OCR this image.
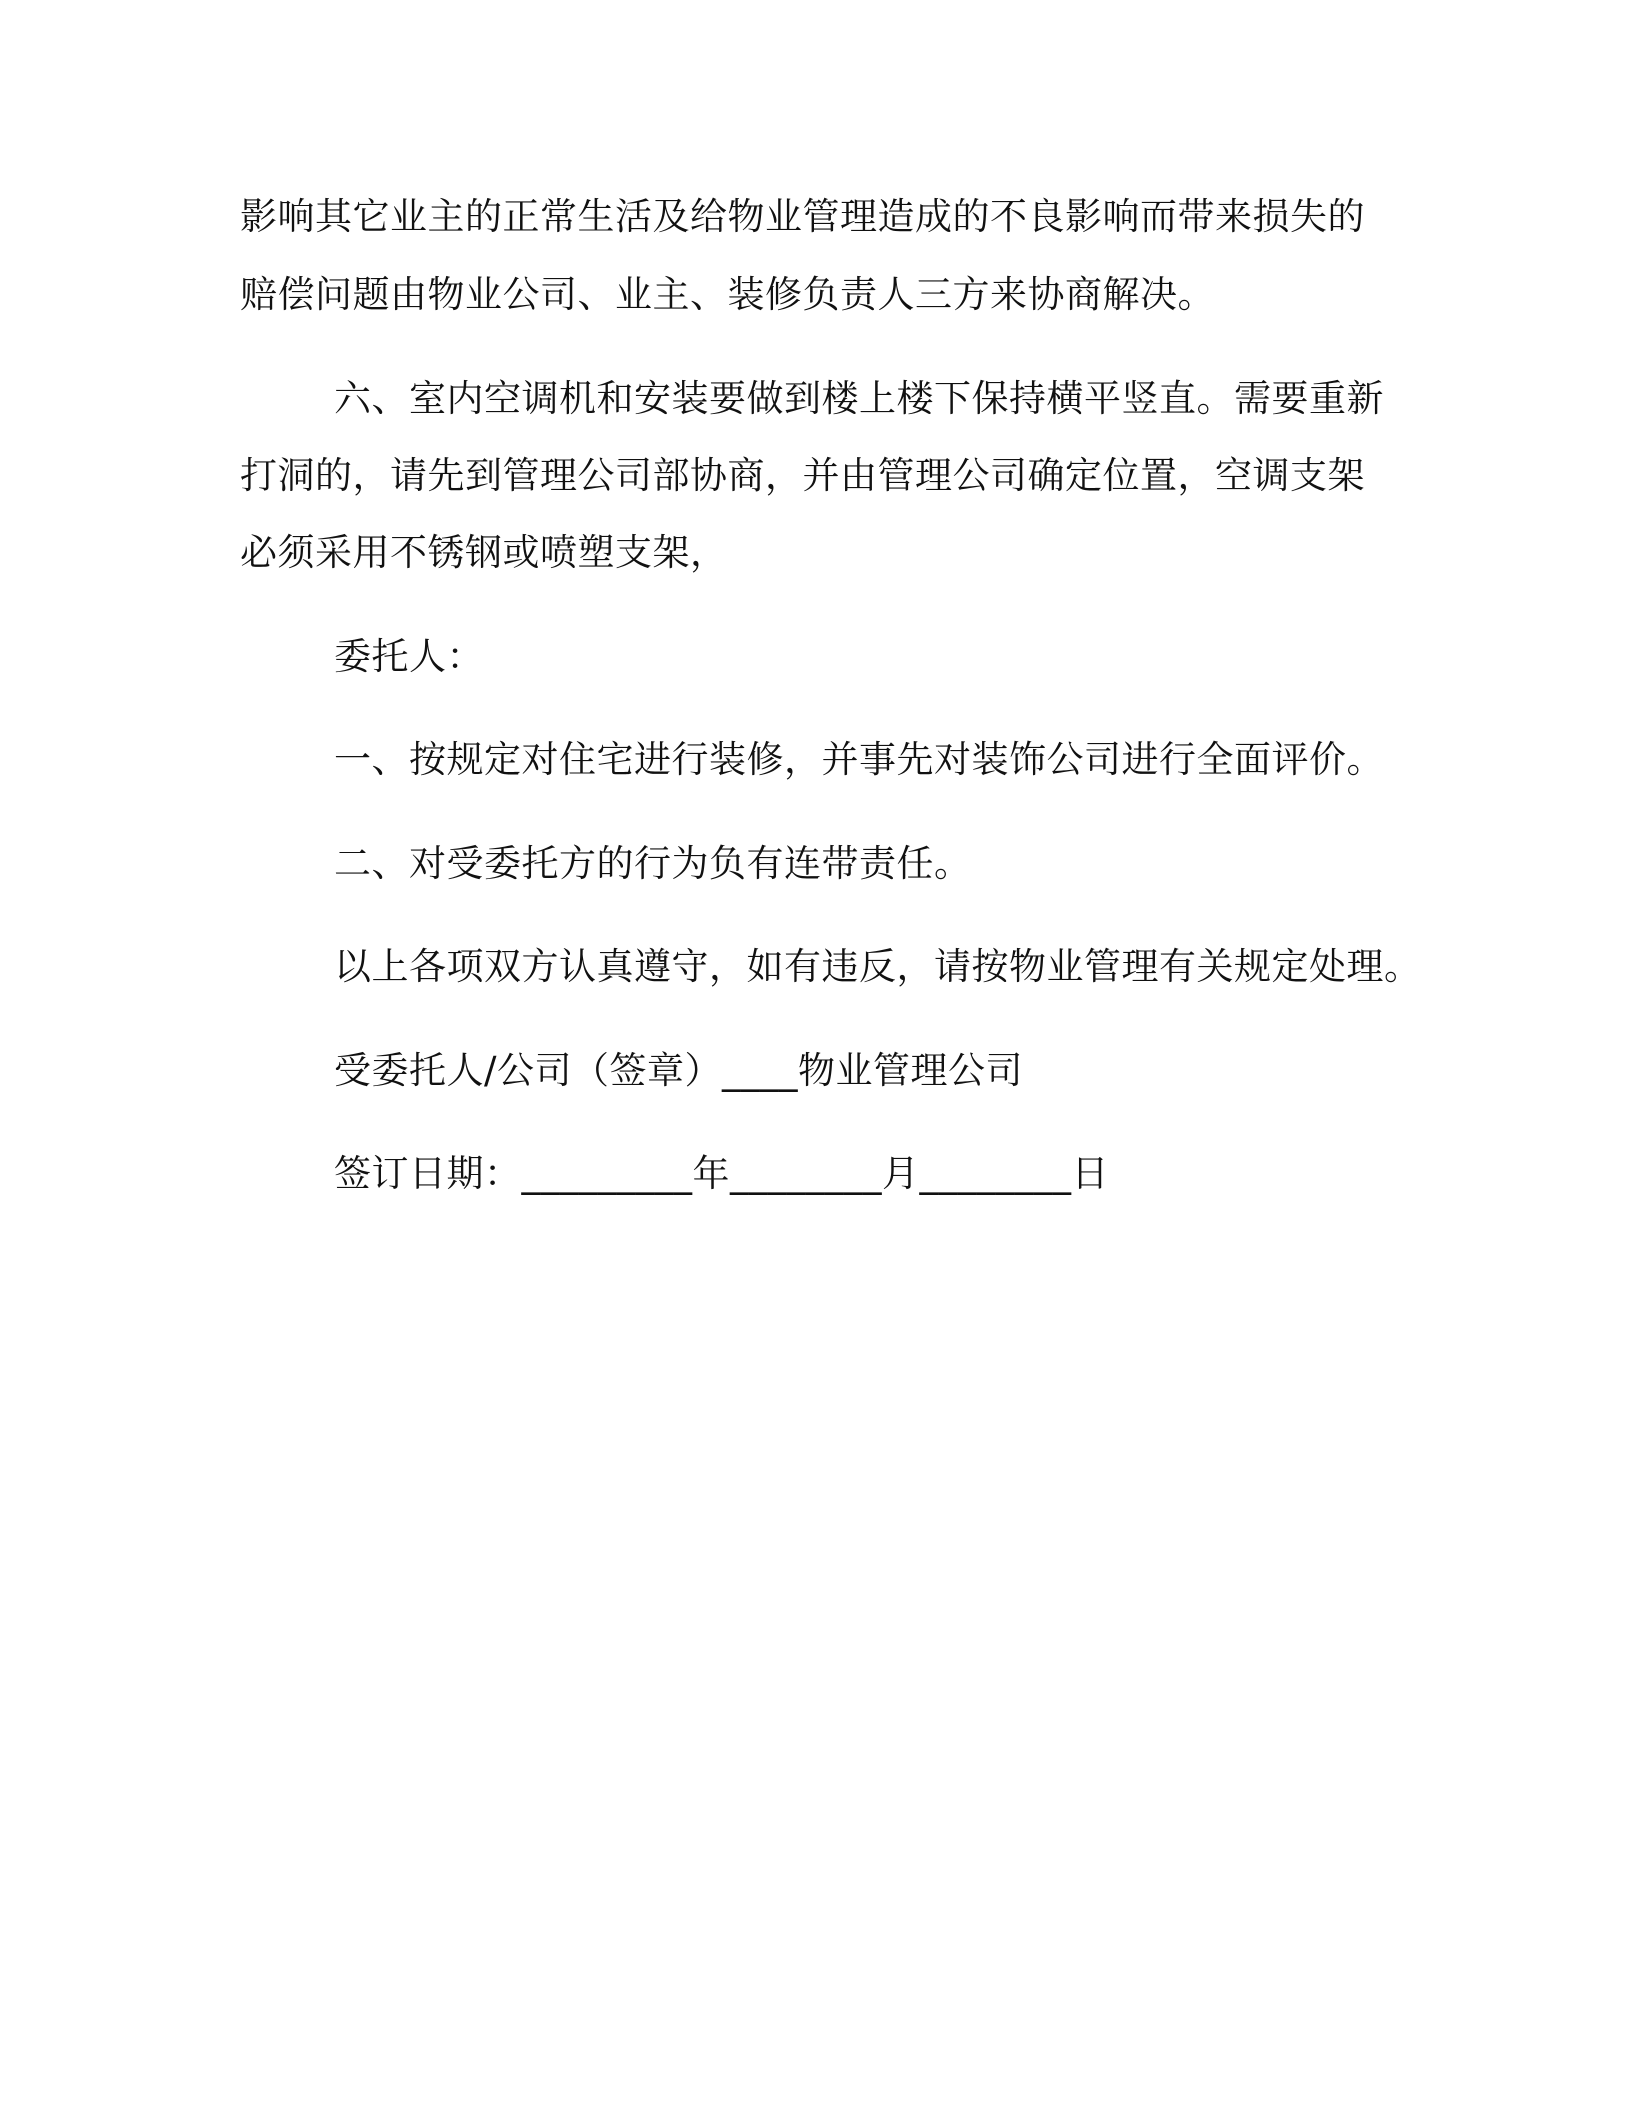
影响其它业主的正常生活及给物业管理造成的不良影响而带来损失的

赔偿问题由物业公司、业主、装修负责人三方来协商解决。

六、室内空调机和安装要做到楼上楼下保持横平竖直。需要重新

打洞的，请先到管理公司部协商，并由管理公司确定位置，空调支架

必须采用不锈钢或喷塑支架，

委托人：

一、按规定对住宅进行装修，并事先对装饰公司进行全面评价。

二、对受委托方的行为负有连带责任。

以上各项双方认真遵守，如有违反，请按物业管理有关规定处理。

受委托人/公司（签章）____物业管理公司

签订日期：_________年________月________日
